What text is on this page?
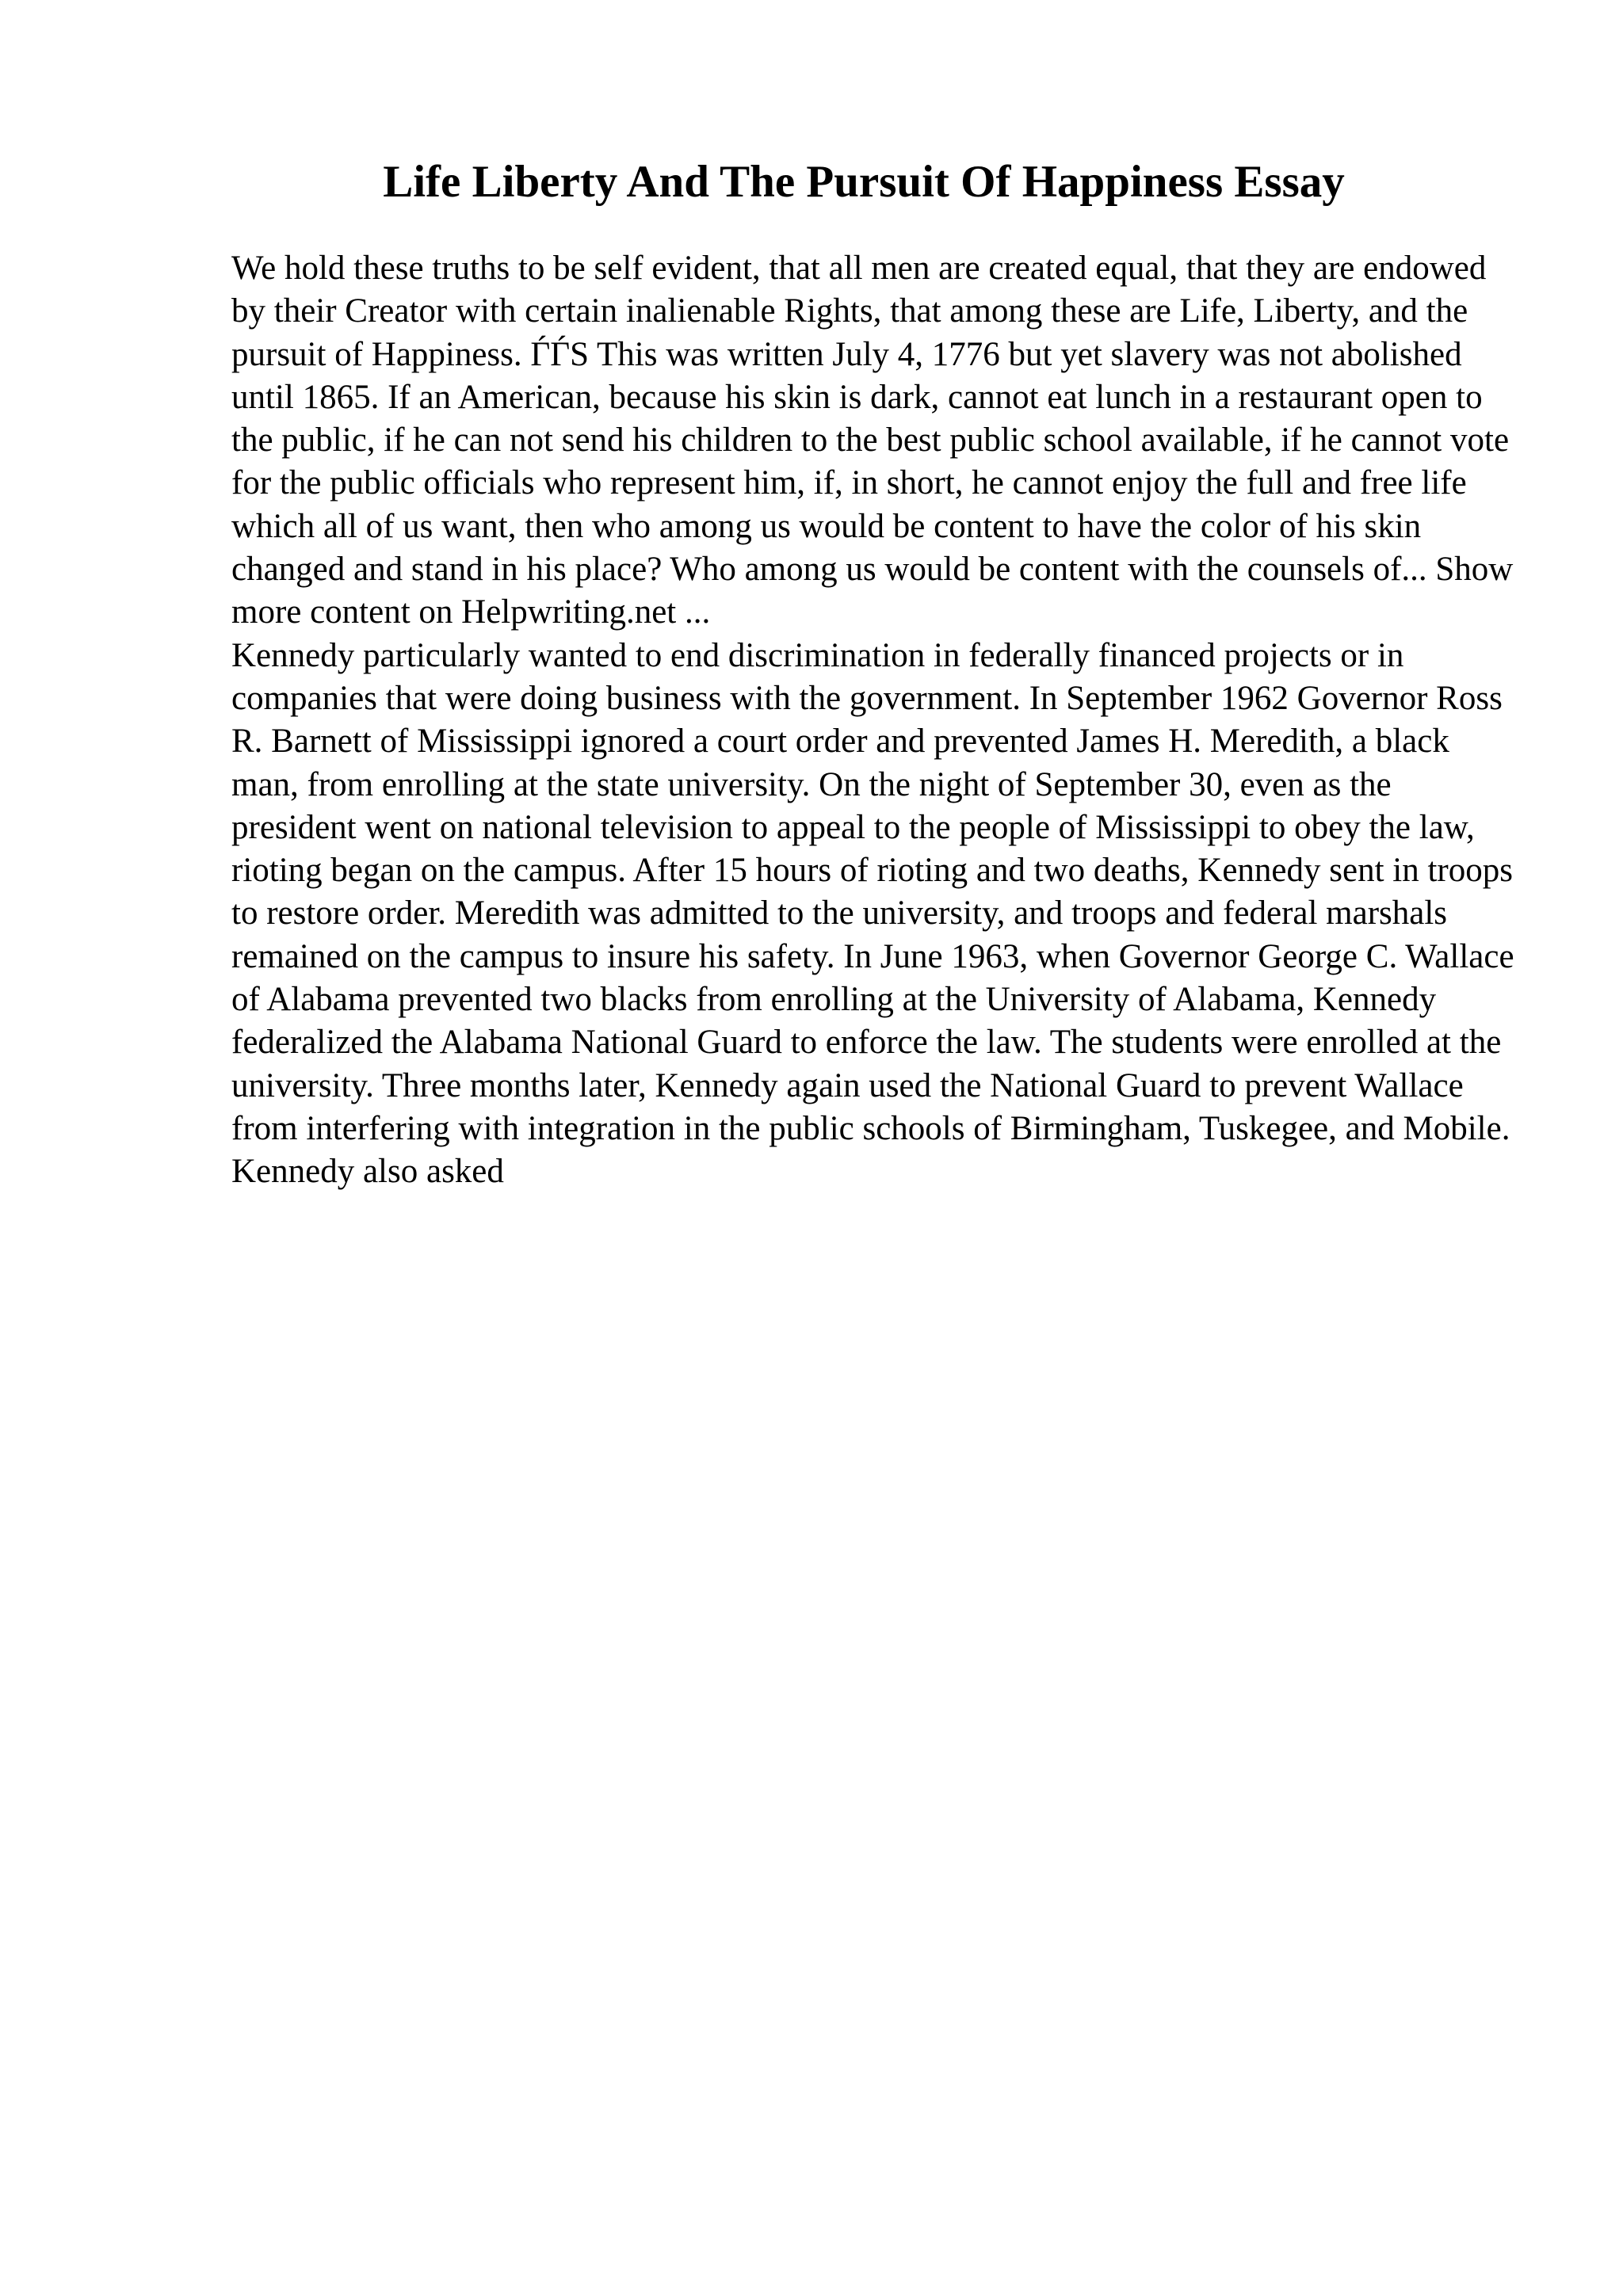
Life Liberty And The Pursuit Of Happiness Essay

We hold these truths to be self evident, that all men are created equal, that they are endowed by their Creator with certain inalienable Rights, that among these are Life, Liberty, and the pursuit of Happiness. ЃЃS This was written July 4, 1776 but yet slavery was not abolished until 1865. If an American, because his skin is dark, cannot eat lunch in a restaurant open to the public, if he can not send his children to the best public school available, if he cannot vote for the public officials who represent him, if, in short, he cannot enjoy the full and free life which all of us want, then who among us would be content to have the color of his skin changed and stand in his place? Who among us would be content with the counsels of... Show more content on Helpwriting.net ...

Kennedy particularly wanted to end discrimination in federally financed projects or in companies that were doing business with the government. In September 1962 Governor Ross R. Barnett of Mississippi ignored a court order and prevented James H. Meredith, a black man, from enrolling at the state university. On the night of September 30, even as the president went on national television to appeal to the people of Mississippi to obey the law, rioting began on the campus. After 15 hours of rioting and two deaths, Kennedy sent in troops to restore order. Meredith was admitted to the university, and troops and federal marshals remained on the campus to insure his safety. In June 1963, when Governor George C. Wallace of Alabama prevented two blacks from enrolling at the University of Alabama, Kennedy federalized the Alabama National Guard to enforce the law. The students were enrolled at the university. Three months later, Kennedy again used the National Guard to prevent Wallace from interfering with integration in the public schools of Birmingham, Tuskegee, and Mobile. Kennedy also asked
